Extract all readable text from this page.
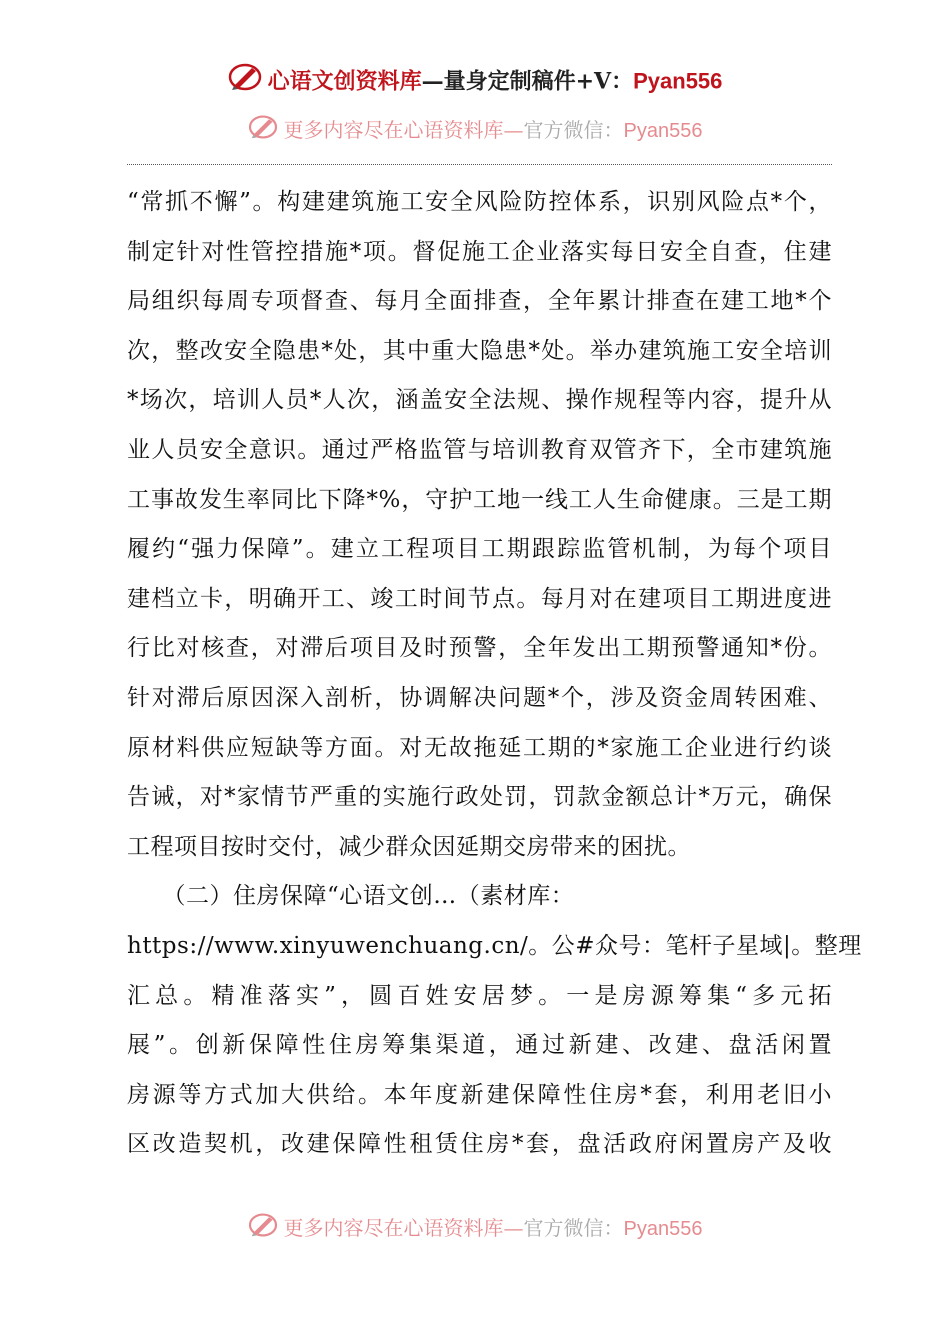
心语文创资料库—量身定制稿件+V：Pyan556
更多内容尽在心语资料库—官方微信：Pyan556
“常抓不懈”。构建建筑施工安全风险防控体系，识别风险点*个，
制定针对性管控措施*项。督促施工企业落实每日安全自查，住建
局组织每周专项督查、每月全面排查，全年累计排查在建工地*个
次，整改安全隐患*处，其中重大隐患*处。举办建筑施工安全培训
*场次，培训人员*人次，涵盖安全法规、操作规程等内容，提升从
业人员安全意识。通过严格监管与培训教育双管齐下，全市建筑施
工事故发生率同比下降*%，守护工地一线工人生命健康。三是工期
履约“强力保障”。建立工程项目工期跟踪监管机制，为每个项目
建档立卡，明确开工、竣工时间节点。每月对在建项目工期进度进
行比对核查，对滞后项目及时预警，全年发出工期预警通知*份。
针对滞后原因深入剖析，协调解决问题*个，涉及资金周转困难、
原材料供应短缺等方面。对无故拖延工期的*家施工企业进行约谈
告诫，对*家情节严重的实施行政处罚，罚款金额总计*万元，确保
工程项目按时交付，减少群众因延期交房带来的困扰。
　　（二）住房保障“心语文创…（素材库：
https://www.xinyuwenchuang.cn/。公#众号：笔杆子星域|。整理
汇总。精准落实”，圆百姓安居梦。一是房源筹集“多元拓
展”。创新保障性住房筹集渠道，通过新建、改建、盘活闲置
房源等方式加大供给。本年度新建保障性住房*套，利用老旧小
区改造契机，改建保障性租赁住房*套，盘活政府闲置房产及收
更多内容尽在心语资料库—官方微信：Pyan556
